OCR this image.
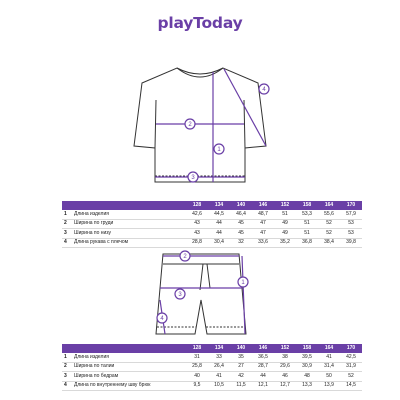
playToday
1
2
3
4
1
2
3
4
		128	134	140	146	152	158	164	170
1	Длина изделия	42,6	44,5	46,4	48,7	51	53,3	55,6	57,9
2	Ширина по груди	43	44	45	47	49	51	52	53
3	Ширина по низу	43	44	45	47	49	51	52	53
4	Длина рукава с плечом	28,8	30,4	32	33,6	35,2	36,8	38,4	39,8
		128	134	140	146	152	158	164	170
1	Длина изделия	31	33	35	36,5	38	39,5	41	42,5
2	Ширина по талии	25,8	26,4	27	28,7	29,6	30,9	31,4	31,9
3	Ширина по бедрам	40	41	42	44	46	48	50	52
4	Длина по внутреннему шву брюк	9,5	10,5	11,5	12,1	12,7	13,3	13,9	14,5
